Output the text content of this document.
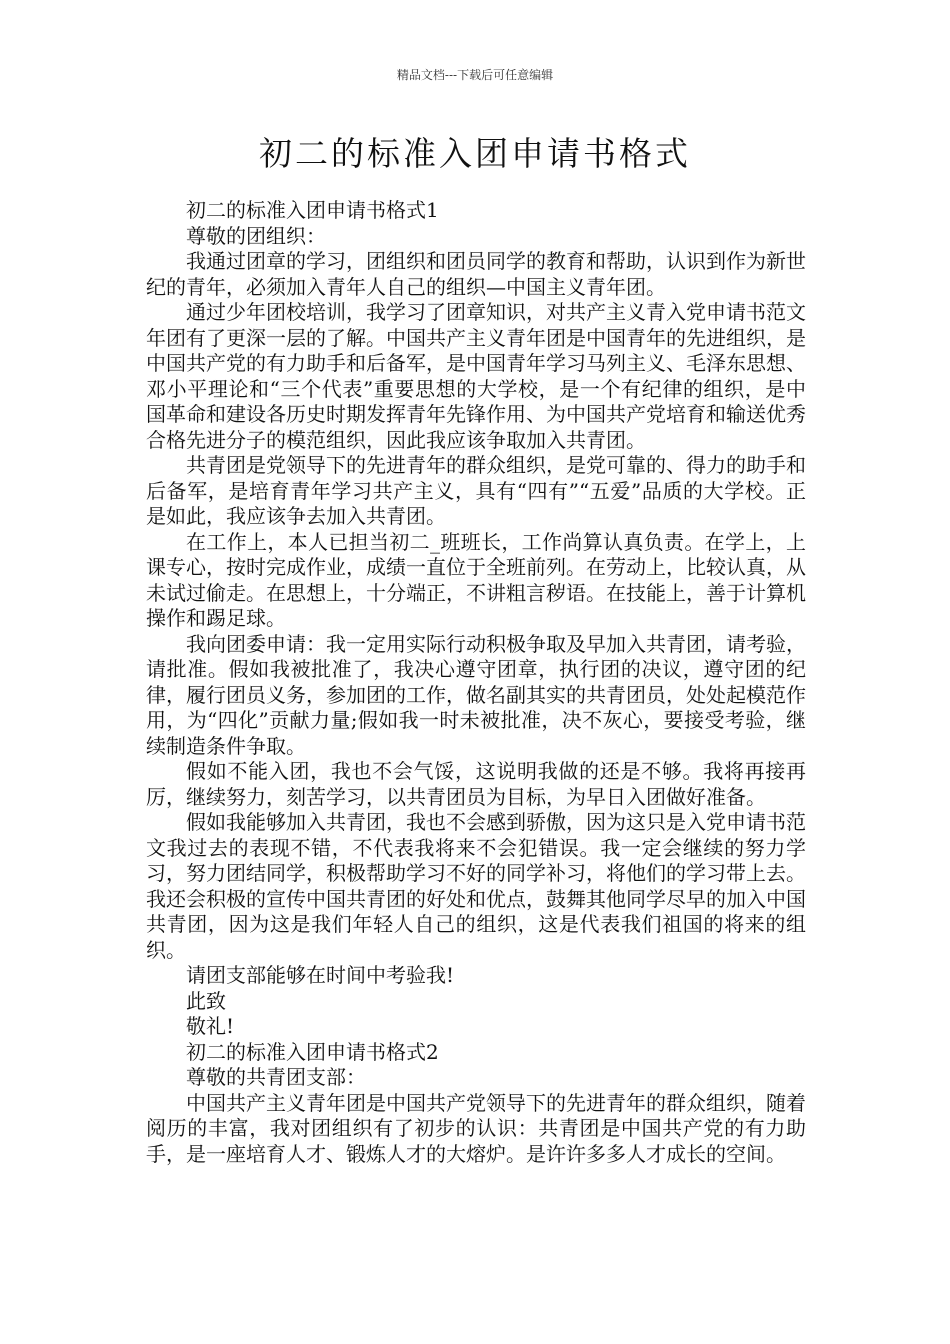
精品文档---下载后可任意编辑
初二的标准入团申请书格式

初二的标准入团申请书格式1

尊敬的团组织：

我通过团章的学习，团组织和团员同学的教育和帮助，认识到作为新世纪的青年，必须加入青年人自己的组织—中国主义青年团。

通过少年团校培训，我学习了团章知识，对共产主义青入党申请书范文年团有了更深一层的了解。中国共产主义青年团是中国青年的先进组织，是中国共产党的有力助手和后备军，是中国青年学习马列主义、毛泽东思想、邓小平理论和“三个代表”重要思想的大学校，是一个有纪律的组织，是中国革命和建设各历史时期发挥青年先锋作用、为中国共产党培育和输送优秀合格先进分子的模范组织，因此我应该争取加入共青团。

共青团是党领导下的先进青年的群众组织，是党可靠的、得力的助手和后备军，是培育青年学习共产主义，具有“四有”“五爱”品质的大学校。正是如此，我应该争去加入共青团。

在工作上，本人已担当初二_班班长，工作尚算认真负责。在学上，上课专心，按时完成作业，成绩一直位于全班前列。在劳动上，比较认真，从未试过偷走。在思想上，十分端正，不讲粗言秽语。在技能上，善于计算机操作和踢足球。

我向团委申请：我一定用实际行动积极争取及早加入共青团，请考验，请批准。假如我被批准了，我决心遵守团章，执行团的决议，遵守团的纪律，履行团员义务，参加团的工作，做名副其实的共青团员，处处起模范作用，为“四化”贡献力量;假如我一时未被批准，决不灰心，要接受考验，继续制造条件争取。

假如不能入团，我也不会气馁，这说明我做的还是不够。我将再接再厉，继续努力，刻苦学习，以共青团员为目标，为早日入团做好准备。

假如我能够加入共青团，我也不会感到骄傲，因为这只是入党申请书范文我过去的表现不错，不代表我将来不会犯错误。我一定会继续的努力学习，努力团结同学，积极帮助学习不好的同学补习，将他们的学习带上去。我还会积极的宣传中国共青团的好处和优点，鼓舞其他同学尽早的加入中国共青团，因为这是我们年轻人自己的组织，这是代表我们祖国的将来的组织。

请团支部能够在时间中考验我!

此致

敬礼!

初二的标准入团申请书格式2

尊敬的共青团支部：

中国共产主义青年团是中国共产党领导下的先进青年的群众组织，随着阅历的丰富，我对团组织有了初步的认识：共青团是中国共产党的有力助手，是一座培育人才、锻炼人才的大熔炉。是许许多多人才成长的空间。
